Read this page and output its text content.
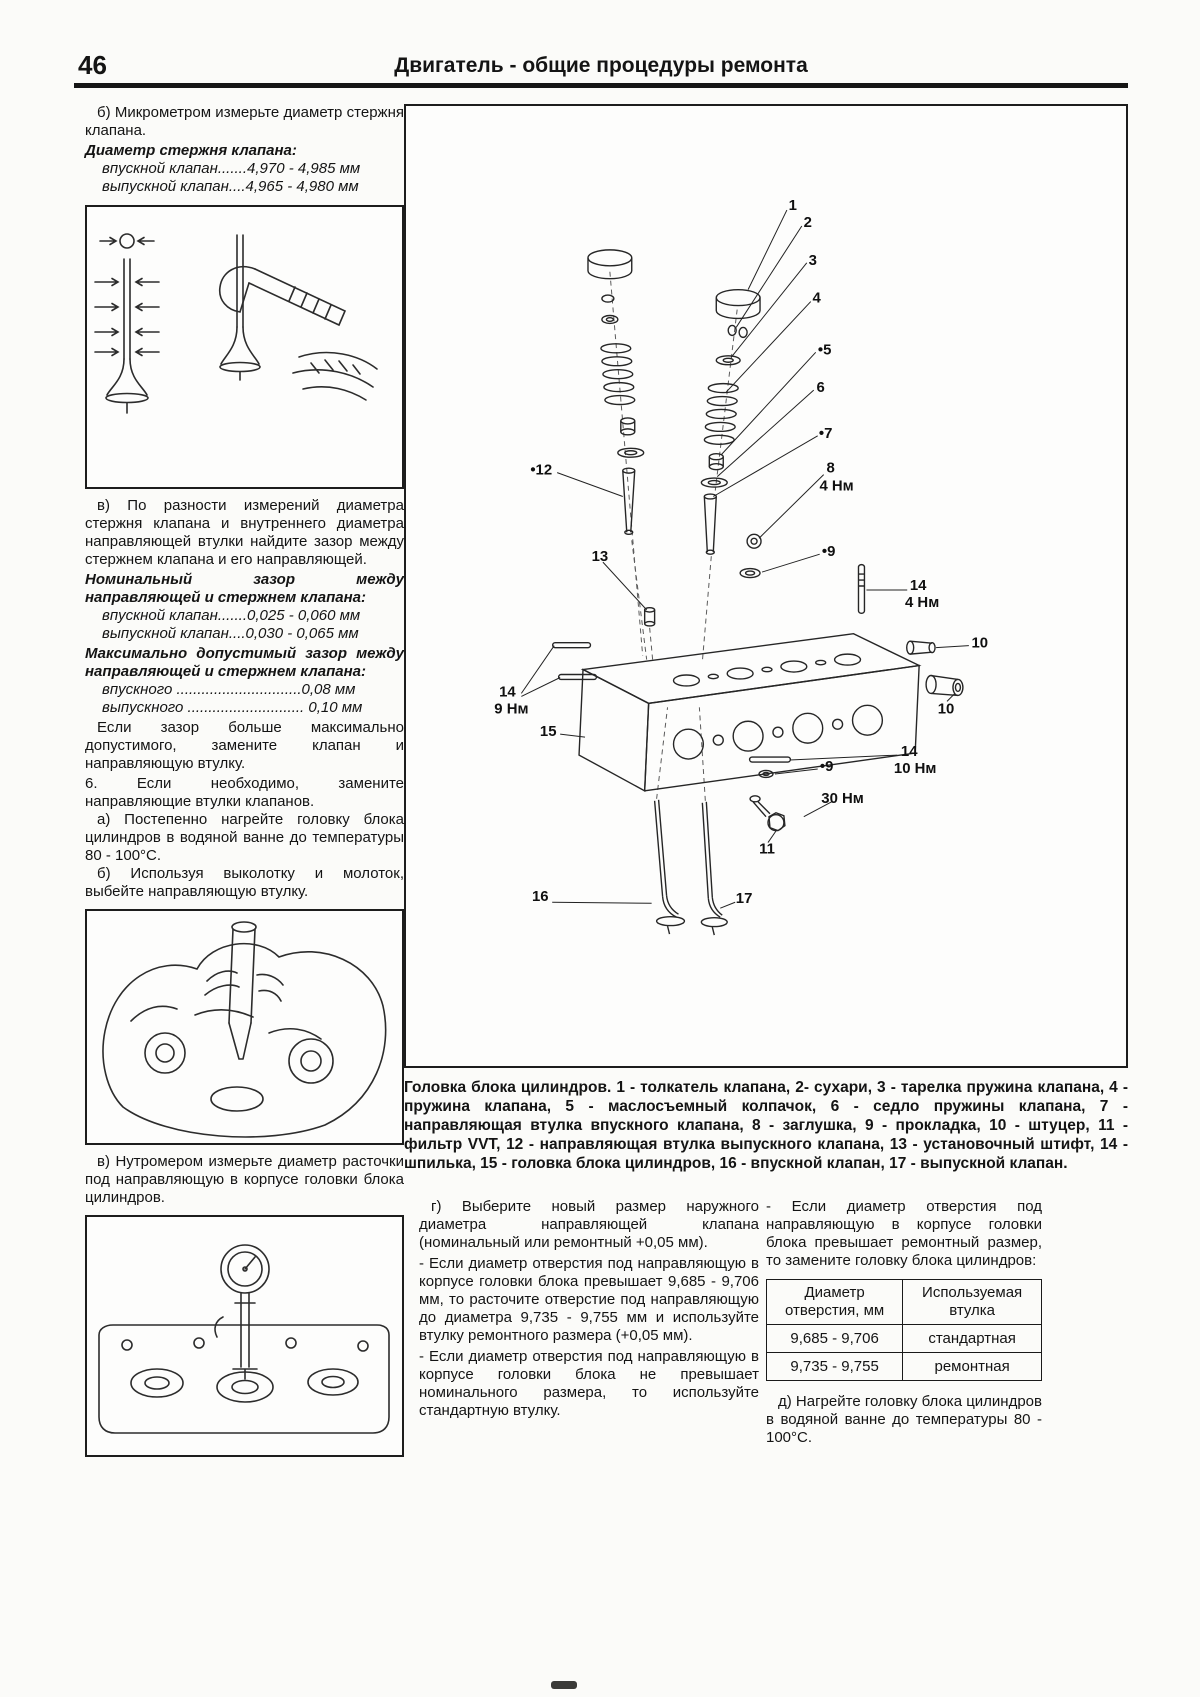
46	Двигатель - общие процедуры ремонта
б) Микрометром измерьте диаметр стержня клапана.
Диаметр стержня клапана:
впускной клапан.......4,970 - 4,985 мм
выпускной клапан....4,965 - 4,980 мм
в) По разности измерений диаметра стержня клапана и внутреннего диаметра направляющей втулки найдите зазор между стержнем клапана и его направляющей.
Номинальный зазор между направляющей и стержнем клапана:
впускной клапан.......0,025 - 0,060 мм
выпускной клапан....0,030 - 0,065 мм
Максимально допустимый зазор между направляющей и стержнем клапана:
впускного ..............................0,08 мм
выпускного ............................ 0,10 мм
Если зазор больше максимально допустимого, замените клапан и направляющую втулку.
6. Если необходимо, замените направляющие втулки клапанов.
а) Постепенно нагрейте головку блока цилиндров в водяной ванне до температуры 80 - 100°С.
б) Используя выколотку и молоток, выбейте направляющую втулку.
в) Нутромером измерьте диаметр расточки под направляющую в корпусе головки блока цилиндров.
1
2
3
4
•5
6
•7
8
4 Нм
•12
13	•9
14
4 Нм
10
10
14
9 Нм
15
14
10 Нм
•9
30 Нм
11
16	17
Головка блока цилиндров. 1 - толкатель клапана, 2- сухари, 3 - тарелка пружина клапана, 4 - пружина клапана, 5 - маслосъемный колпачок, 6 - седло пружины клапана, 7 - направляющая втулка впускного клапана, 8 - заглушка, 9 - прокладка, 10 - штуцер, 11 - фильтр VVT, 12 - направляющая втулка выпускного клапана, 13 - установочный штифт, 14 - шпилька, 15 - головка блока цилиндров, 16 - впускной клапан, 17 - выпускной клапан.
г) Выберите новый размер наружного диаметра направляющей клапана (номинальный или ремонтный +0,05 мм).
- Если диаметр отверстия под направляющую в корпусе головки блока превышает 9,685 - 9,706 мм, то расточите отверстие под направляющую до диаметра 9,735 - 9,755 мм и используйте втулку ремонтного размера (+0,05 мм).
- Если диаметр отверстия под направляющую в корпусе головки блока не превышает номинального размера, то используйте стандартную втулку.
- Если диаметр отверстия под направляющую в корпусе головки блока превышает ремонтный размер, то замените головку блока цилиндров:
Диаметр отверстия, мм	Используемая втулка
9,685 - 9,706	стандартная
9,735 - 9,755	ремонтная
д) Нагрейте головку блока цилиндров в водяной ванне до температуры 80 - 100°С.
